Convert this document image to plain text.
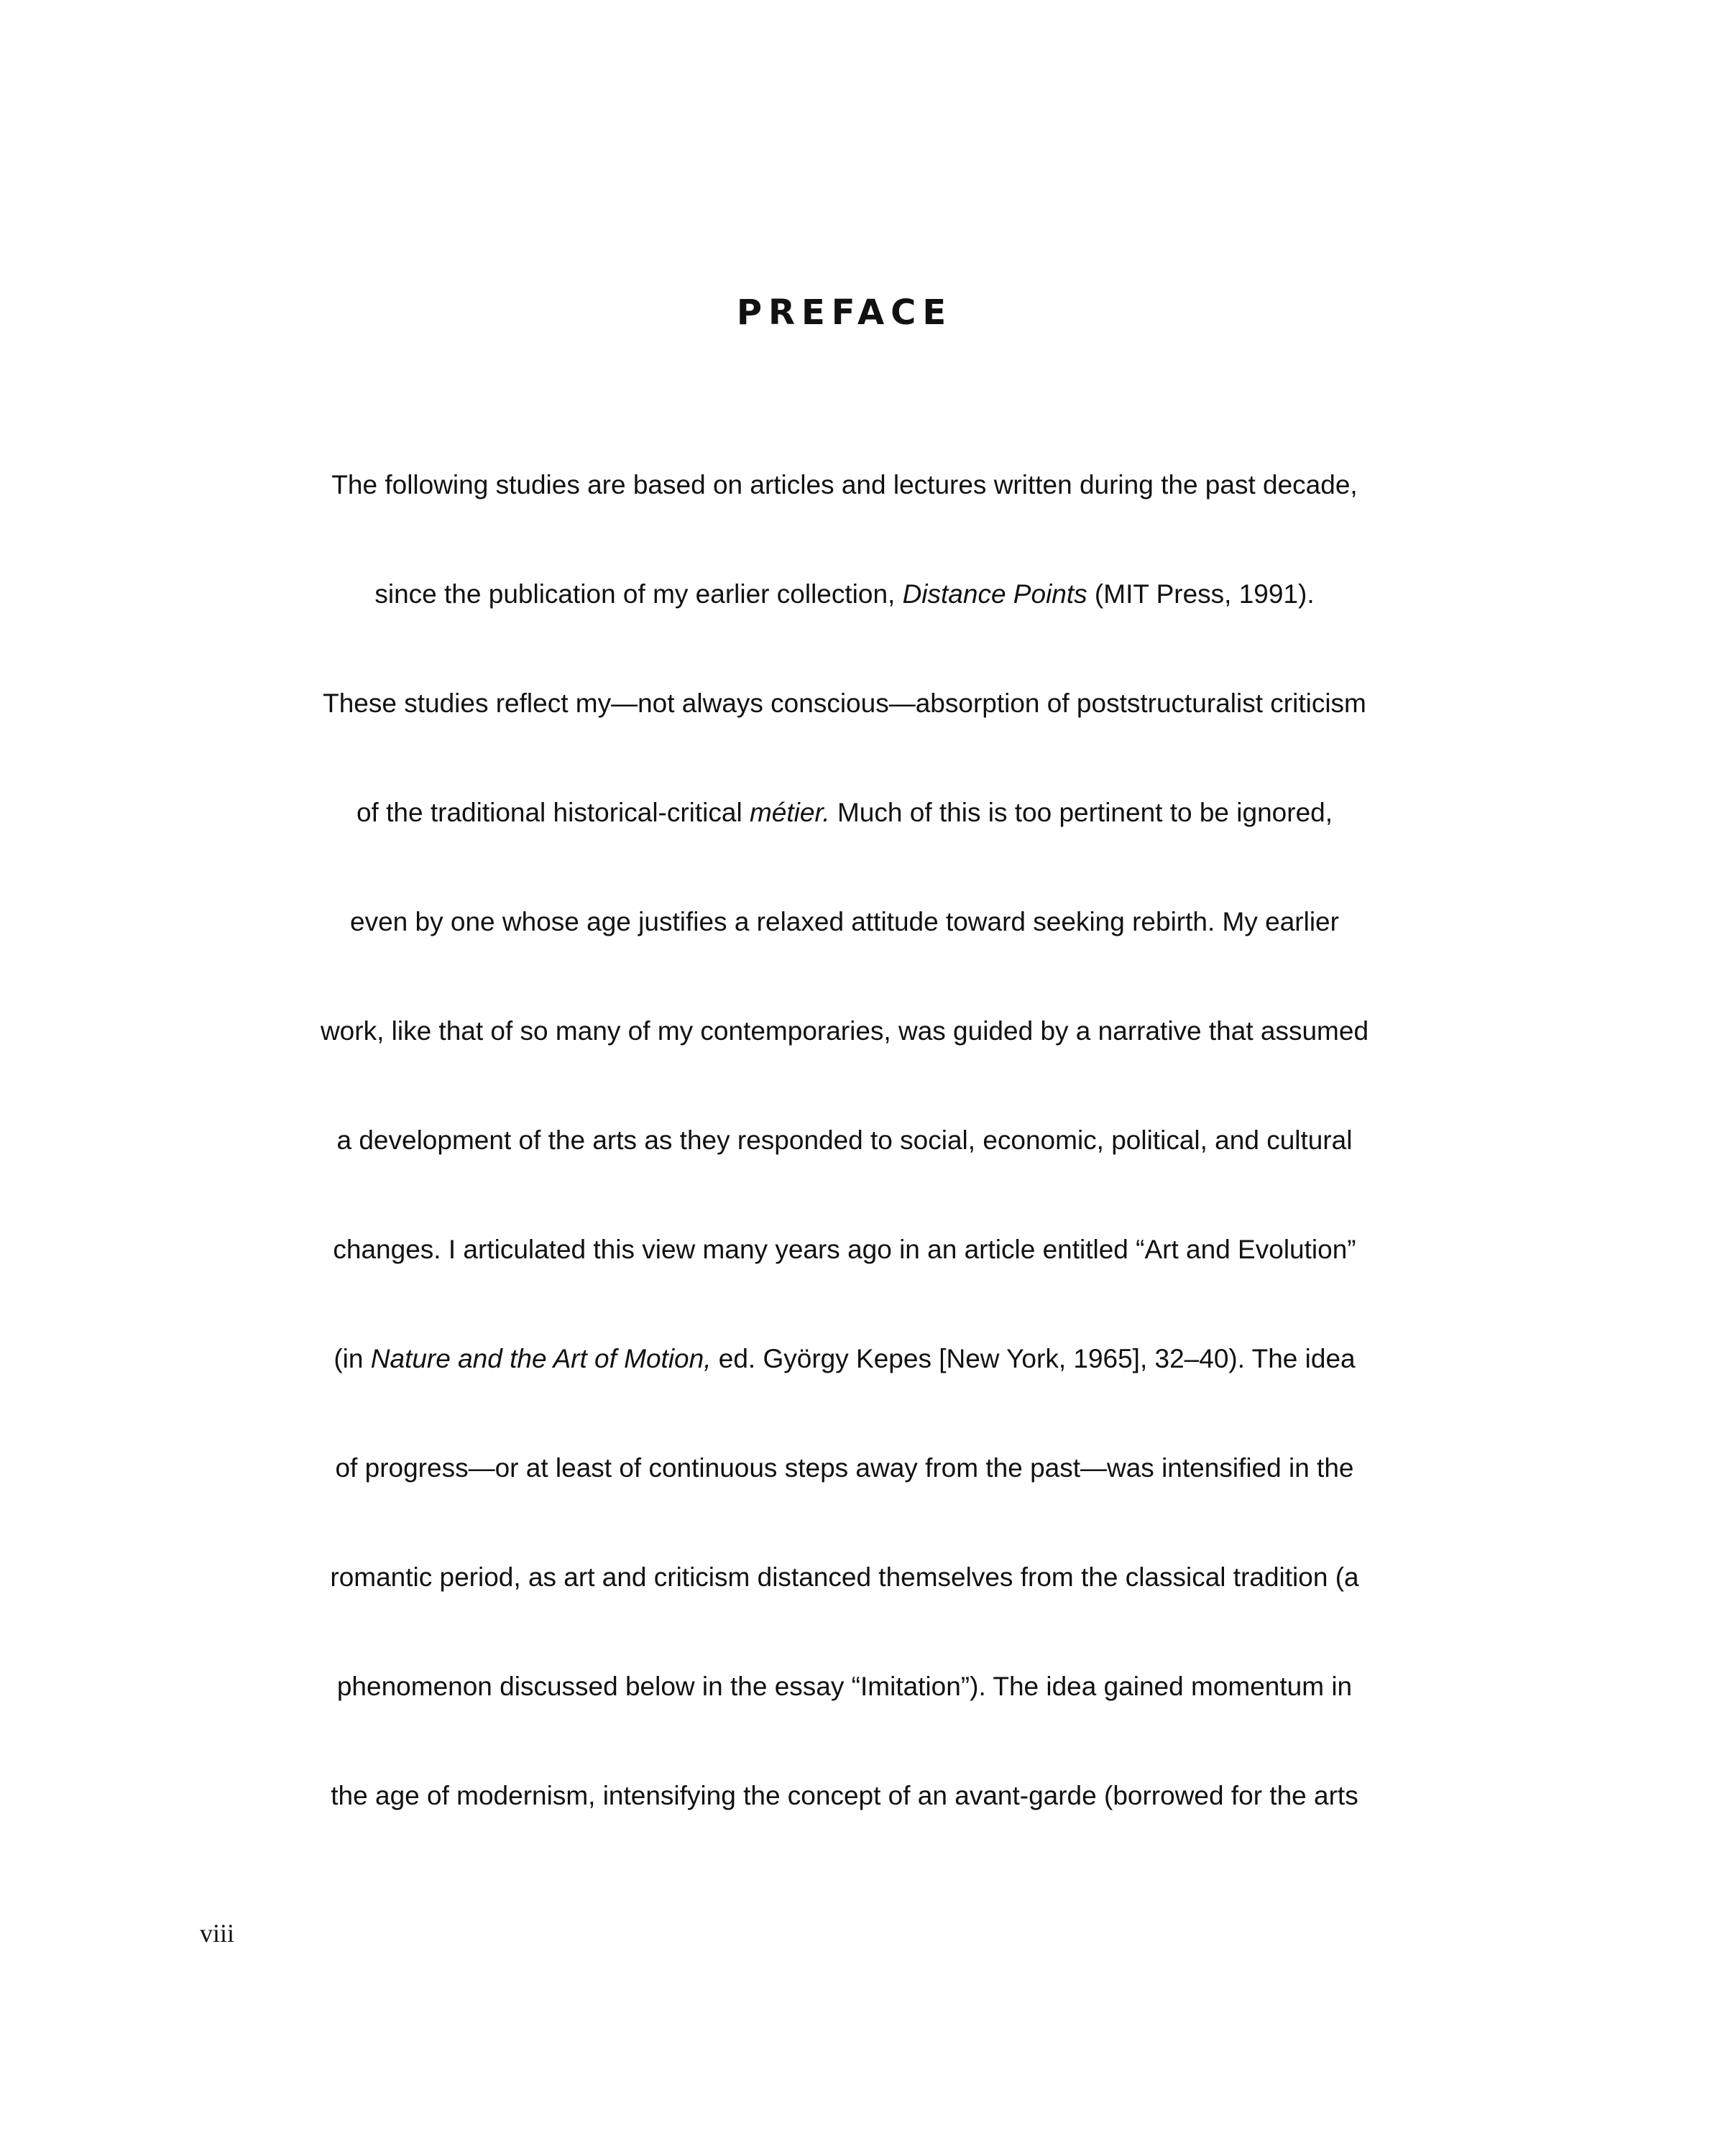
PREFACE
The following studies are based on articles and lectures written during the past decade,
since the publication of my earlier collection, Distance Points (MIT Press, 1991).
These studies reflect my—not always conscious—absorption of poststructuralist criticism
of the traditional historical-critical métier. Much of this is too pertinent to be ignored,
even by one whose age justifies a relaxed attitude toward seeking rebirth. My earlier
work, like that of so many of my contemporaries, was guided by a narrative that assumed
a development of the arts as they responded to social, economic, political, and cultural
changes. I articulated this view many years ago in an article entitled “Art and Evolution”
(in Nature and the Art of Motion, ed. György Kepes [New York, 1965], 32–40). The idea
of progress—or at least of continuous steps away from the past—was intensified in the
romantic period, as art and criticism distanced themselves from the classical tradition (a
phenomenon discussed below in the essay “Imitation”). The idea gained momentum in
the age of modernism, intensifying the concept of an avant-garde (borrowed for the arts
viii
